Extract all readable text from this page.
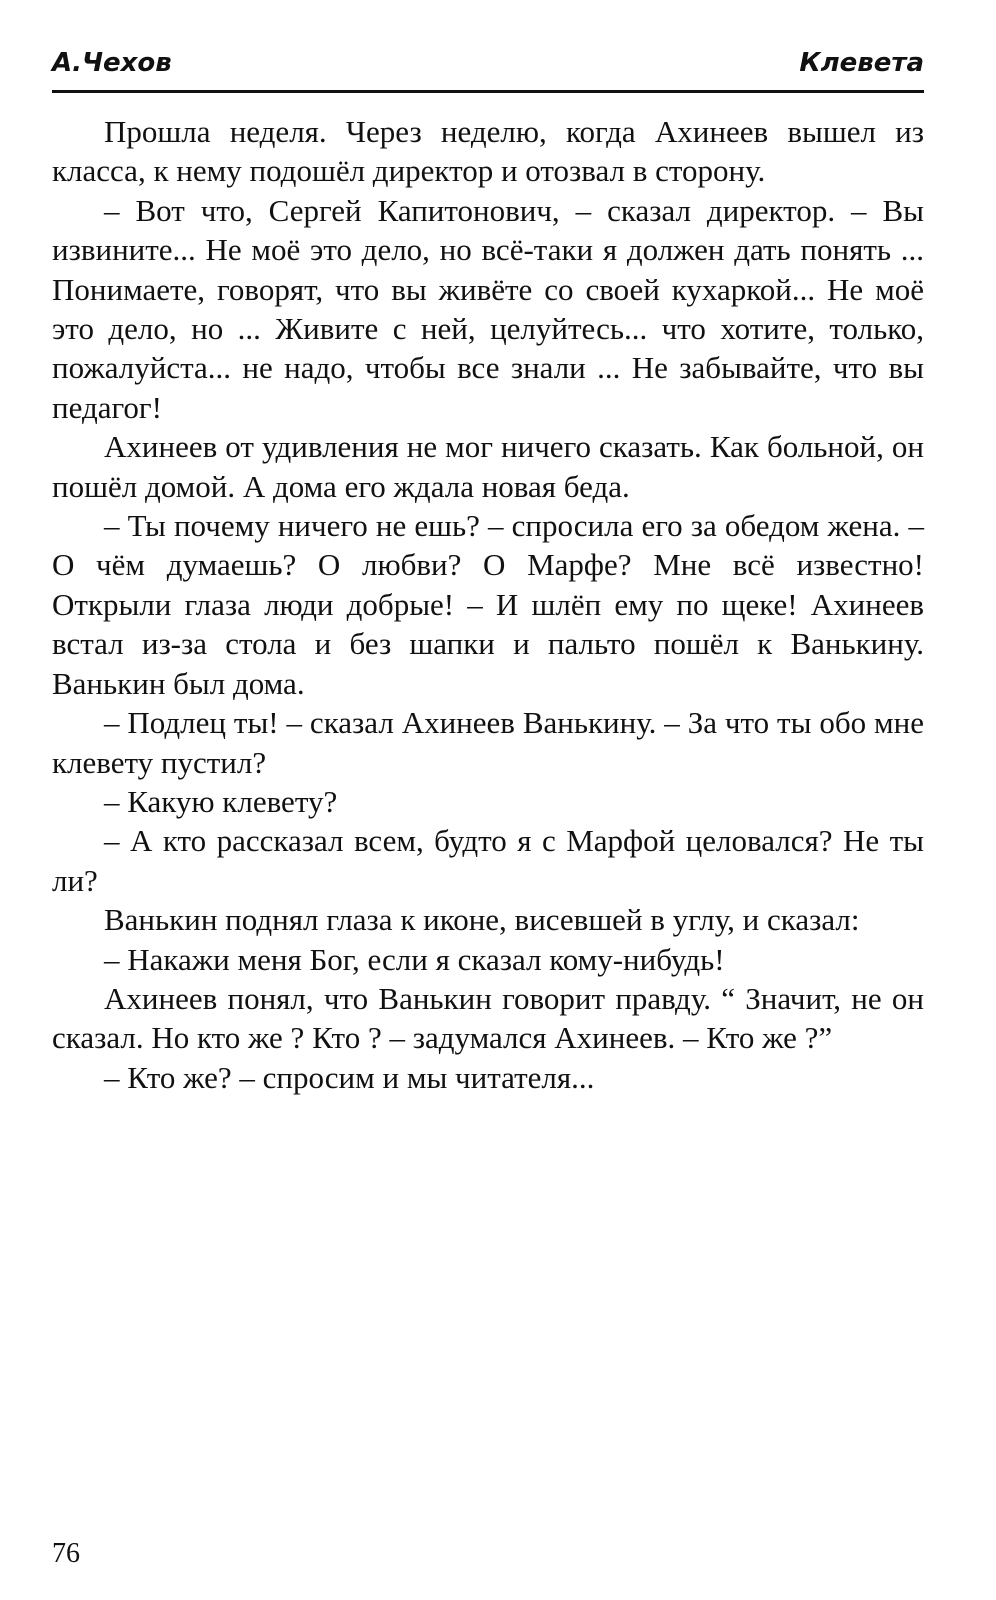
А.Чехов	Клевета

Прошла неделя. Через неделю, когда Ахинеев вышел из класса, к нему подошёл директор и отозвал в сторону.

– Вот что, Сергей Капитонович, – сказал директор. – Вы извините... Не моё это дело, но всё-таки я должен дать понять ... Понимаете, говорят, что вы живёте со своей кухаркой... Не моё это дело, но ... Живите с ней, целуйтесь... что хотите, только, пожалуйста... не надо, чтобы все знали ... Не забывайте, что вы педагог!

Ахинеев от удивления не мог ничего сказать. Как больной, он пошёл домой. А дома его ждала новая беда.

– Ты почему ничего не ешь? – спросила его за обедом жена. – О чём думаешь? О любви? О Марфе? Мне всё известно! Открыли глаза люди добрые! – И шлёп ему по щеке! Ахинеев встал из-за стола и без шапки и пальто пошёл к Ванькину. Ванькин был дома.

– Подлец ты! – сказал Ахинеев Ванькину. – За что ты обо мне клевету пустил?

– Какую клевету?

– А кто рассказал всем, будто я с Марфой целовался? Не ты ли?

Ванькин поднял глаза к иконе, висевшей в углу, и сказал:

– Накажи меня Бог, если я сказал кому-нибудь!

Ахинеев понял, что Ванькин говорит правду. “ Значит, не он сказал. Но кто же ? Кто ? – задумался Ахинеев. – Кто же ?”

– Кто же? – спросим и мы читателя...

76
